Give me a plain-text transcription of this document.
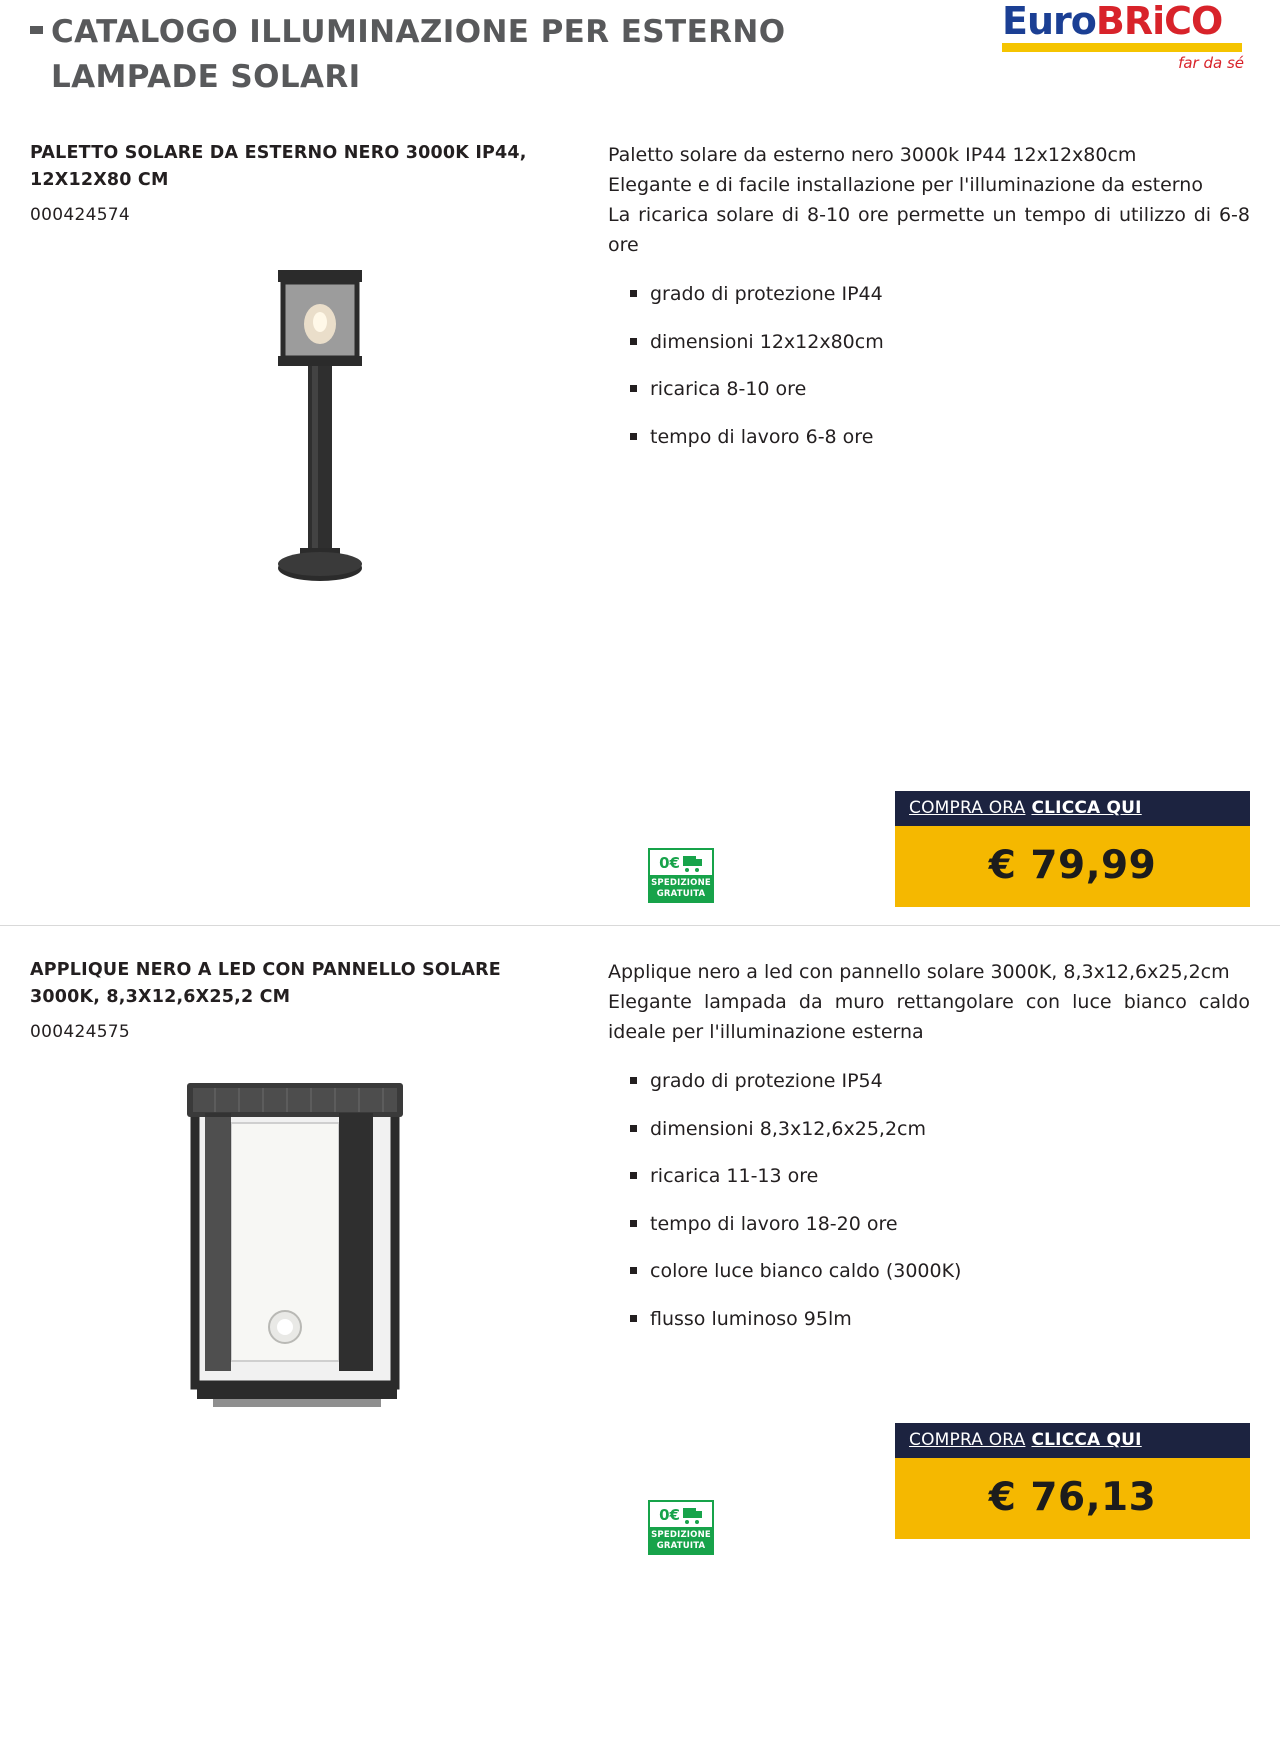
CATALOGO ILLUMINAZIONE PER ESTERNO
LAMPADE SOLARI
Euro BRiCO
far da sé
PALETTO SOLARE DA ESTERNO NERO 3000K IP44, 12X12X80 CM
000424574

Paletto solare da esterno nero 3000k IP44 12x12x80cm

Elegante e di facile installazione per l'illuminazione da esterno

La ricarica solare di 8-10 ore permette un tempo di utilizzo di 6-8 ore

grado di protezione IP44
dimensioni 12x12x80cm
ricarica 8-10 ore
tempo di lavoro 6-8 ore
0€
SPEDIZIONE
GRATUITA
COMPRA ORA CLICCA QUI
€ 79,99
APPLIQUE NERO A LED CON PANNELLO SOLARE 3000K, 8,3X12,6X25,2 CM
000424575

Applique nero a led con pannello solare 3000K, 8,3x12,6x25,2cm

Elegante lampada da muro rettangolare con luce bianco caldo ideale per l'illuminazione esterna

grado di protezione IP54
dimensioni 8,3x12,6x25,2cm
ricarica 11-13 ore
tempo di lavoro 18-20 ore
colore luce bianco caldo (3000K)
flusso luminoso 95lm
0€
SPEDIZIONE
GRATUITA
COMPRA ORA CLICCA QUI
€ 76,13
